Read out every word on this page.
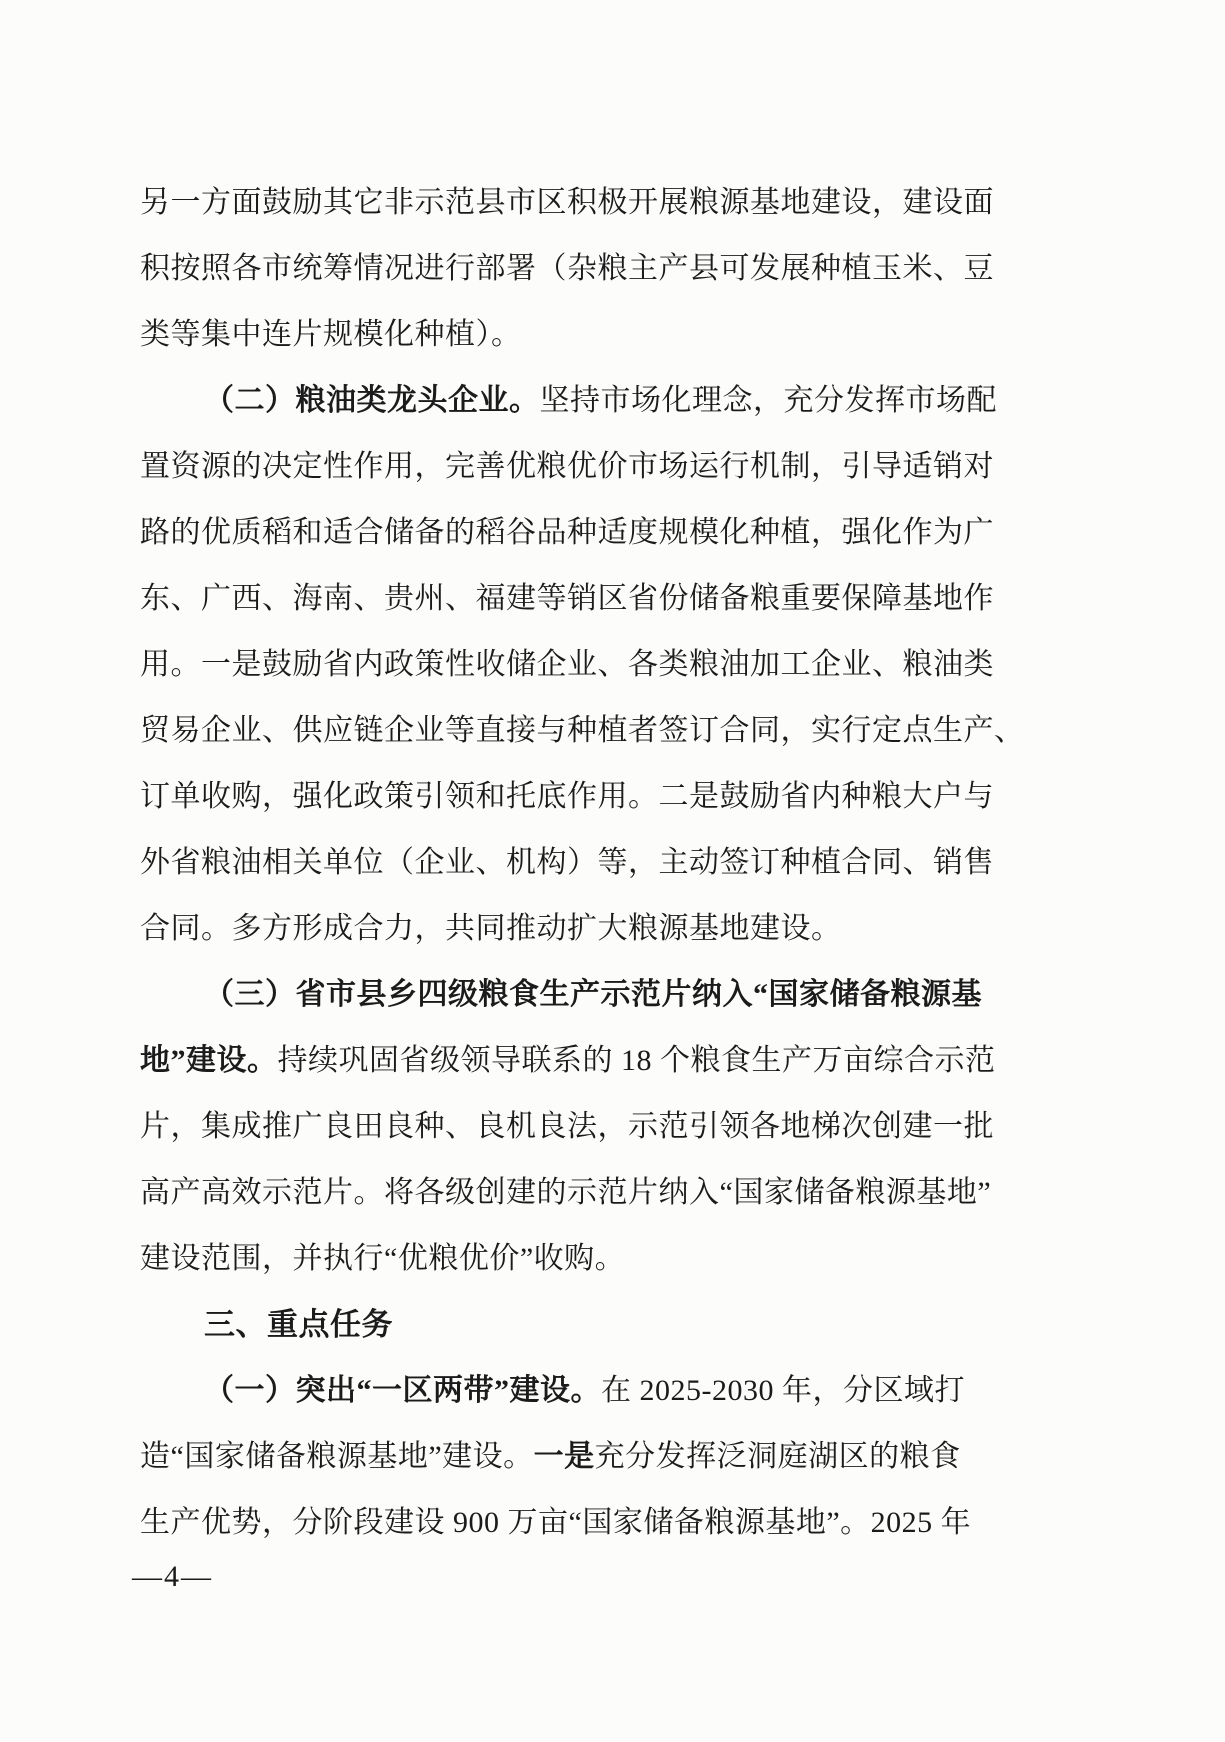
另一方面鼓励其它非示范县市区积极开展粮源基地建设，建设面
积按照各市统筹情况进行部署（杂粮主产县可发展种植玉米、豆
类等集中连片规模化种植）。
（二）粮油类龙头企业。坚持市场化理念，充分发挥市场配
置资源的决定性作用，完善优粮优价市场运行机制，引导适销对
路的优质稻和适合储备的稻谷品种适度规模化种植，强化作为广
东、广西、海南、贵州、福建等销区省份储备粮重要保障基地作
用。一是鼓励省内政策性收储企业、各类粮油加工企业、粮油类
贸易企业、供应链企业等直接与种植者签订合同，实行定点生产、
订单收购，强化政策引领和托底作用。二是鼓励省内种粮大户与
外省粮油相关单位（企业、机构）等，主动签订种植合同、销售
合同。多方形成合力，共同推动扩大粮源基地建设。
（三）省市县乡四级粮食生产示范片纳入“国家储备粮源基
地”建设。持续巩固省级领导联系的 18 个粮食生产万亩综合示范
片，集成推广良田良种、良机良法，示范引领各地梯次创建一批
高产高效示范片。将各级创建的示范片纳入“国家储备粮源基地”
建设范围，并执行“优粮优价”收购。
三、重点任务
（一）突出“一区两带”建设。在 2025-2030 年，分区域打
造“国家储备粮源基地”建设。一是充分发挥泛洞庭湖区的粮食
生产优势，分阶段建设 900 万亩“国家储备粮源基地”。2025 年
—4—
